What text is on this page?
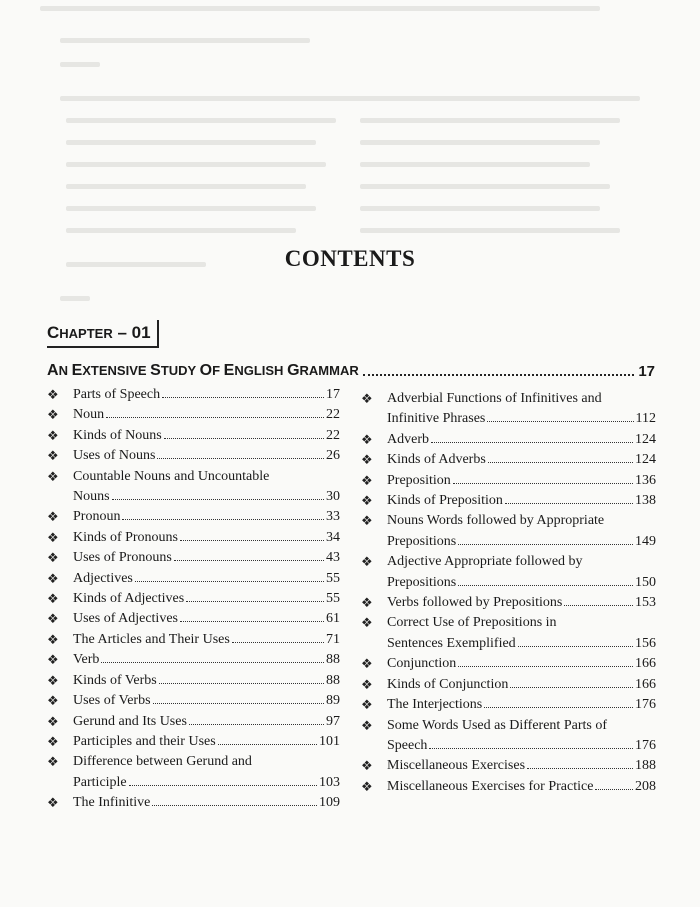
CONTENTS
CHAPTER – 01
AN EXTENSIVE STUDY OF ENGLISH GRAMMAR	17
❖	Parts of Speech	17
❖	Noun	22
❖	Kinds of Nouns	22
❖	Uses of Nouns	26
❖	Countable Nouns and Uncountable
Nouns	30
❖	Pronoun	33
❖	Kinds of Pronouns	34
❖	Uses of Pronouns	43
❖	Adjectives	55
❖	Kinds of Adjectives	55
❖	Uses of Adjectives	61
❖	The Articles and Their Uses	71
❖	Verb	88
❖	Kinds of Verbs	88
❖	Uses of Verbs	89
❖	Gerund and Its Uses	97
❖	Participles and their Uses	101
❖	Difference between Gerund and
Participle	103
❖	The Infinitive	109
❖	Adverbial Functions of Infinitives and
Infinitive Phrases	112
❖	Adverb	124
❖	Kinds of Adverbs	124
❖	Preposition	136
❖	Kinds of Preposition	138
❖	Nouns Words followed by Appropriate
Prepositions	149
❖	Adjective Appropriate followed by
Prepositions	150
❖	Verbs followed by Prepositions	153
❖	Correct Use of Prepositions in
Sentences Exemplified	156
❖	Conjunction	166
❖	Kinds of Conjunction	166
❖	The Interjections	176
❖	Some Words Used as Different Parts of
Speech	176
❖	Miscellaneous Exercises	188
❖	Miscellaneous Exercises for Practice	208
